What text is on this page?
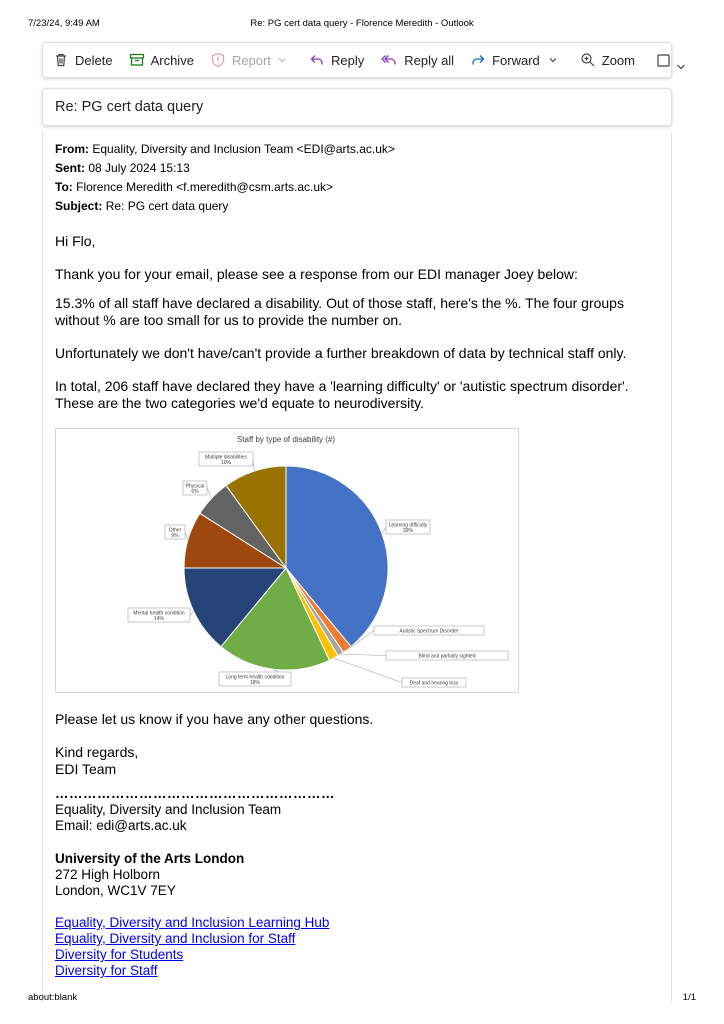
7/23/24, 9:49 AM	Re: PG cert data query - Florence Meredith - Outlook
Delete	Archive	Report	Reply	Reply all	Forward	Zoom
Re: PG cert data query
From: Equality, Diversity and Inclusion Team <EDI@arts.ac.uk>
Sent: 08 July 2024 15:13
To: Florence Meredith <f.meredith@csm.arts.ac.uk>
Subject: Re: PG cert data query

Hi Flo,

Thank you for your email, please see a response from our EDI manager Joey below:

15.3% of all staff have declared a disability. Out of those staff, here's the %. The four groups without % are too small for us to provide the number on.

Unfortunately we don't have/can't provide a further breakdown of data by technical staff only.

In total, 206 staff have declared they have a 'learning difficulty' or 'autistic spectrum disorder'. These are the two categories we'd equate to neurodiversity.

Staff by type of disability (#)
Learning difficulty
39%
Autistic Spectrum Disorder
Blind and partially sighted
Deaf and hearing loss
Long term health condition
18%
Mental health condition
14%
Other
9%
Physical
6%
Multiple disabilities
10%

Please let us know if you have any other questions.

Kind regards,

EDI Team

……………………………………………………
Equality, Diversity and Inclusion Team
Email: edi@arts.ac.uk
University of the Arts London
272 High Holborn
London, WC1V 7EY
Equality, Diversity and Inclusion Learning Hub
Equality, Diversity and Inclusion for Staff
Diversity for Students
Diversity for Staff
about:blank	1/1
